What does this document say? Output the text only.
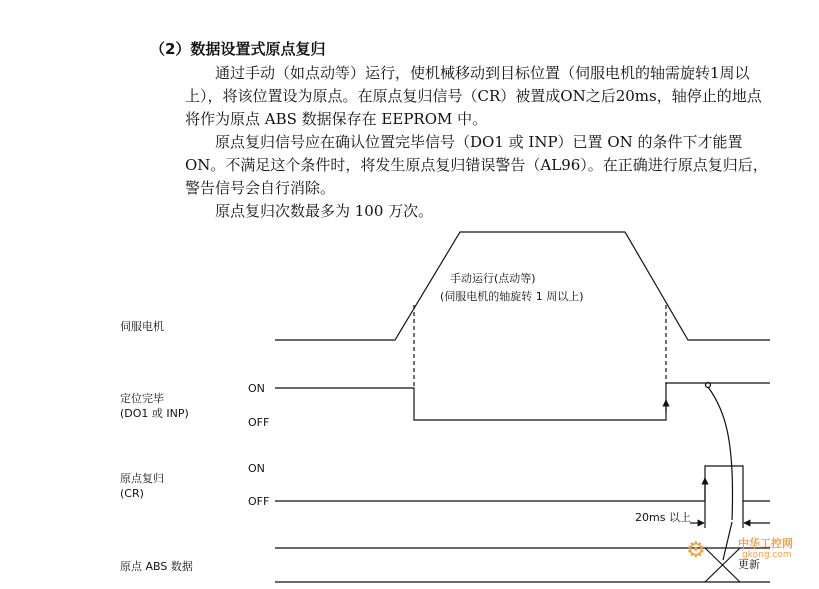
（2）数据设置式原点复归

通过手动（如点动等）运行，使机械移动到目标位置（伺服电机的轴需旋转1周以上），将该位置设为原点。在原点复归信号（CR）被置成ON之后20ms，轴停止的地点将作为原点 ABS 数据保存在 EEPROM 中。

原点复归信号应在确认位置完毕信号（DO1 或 INP）已置 ON 的条件下才能置ON。不满足这个条件时，将发生原点复归错误警告（AL96）。在正确进行原点复归后，警告信号会自行消除。

原点复归次数最多为 100 万次。

手动运行(点动等)
(伺服电机的轴旋转 1 周以上)
伺服电机
定位完毕
(DO1 或 INP)
ON
OFF
原点复归
(CR)
ON
OFF
20ms 以上
原点 ABS 数据	更新
⚙	中华工控网
gkong.com
